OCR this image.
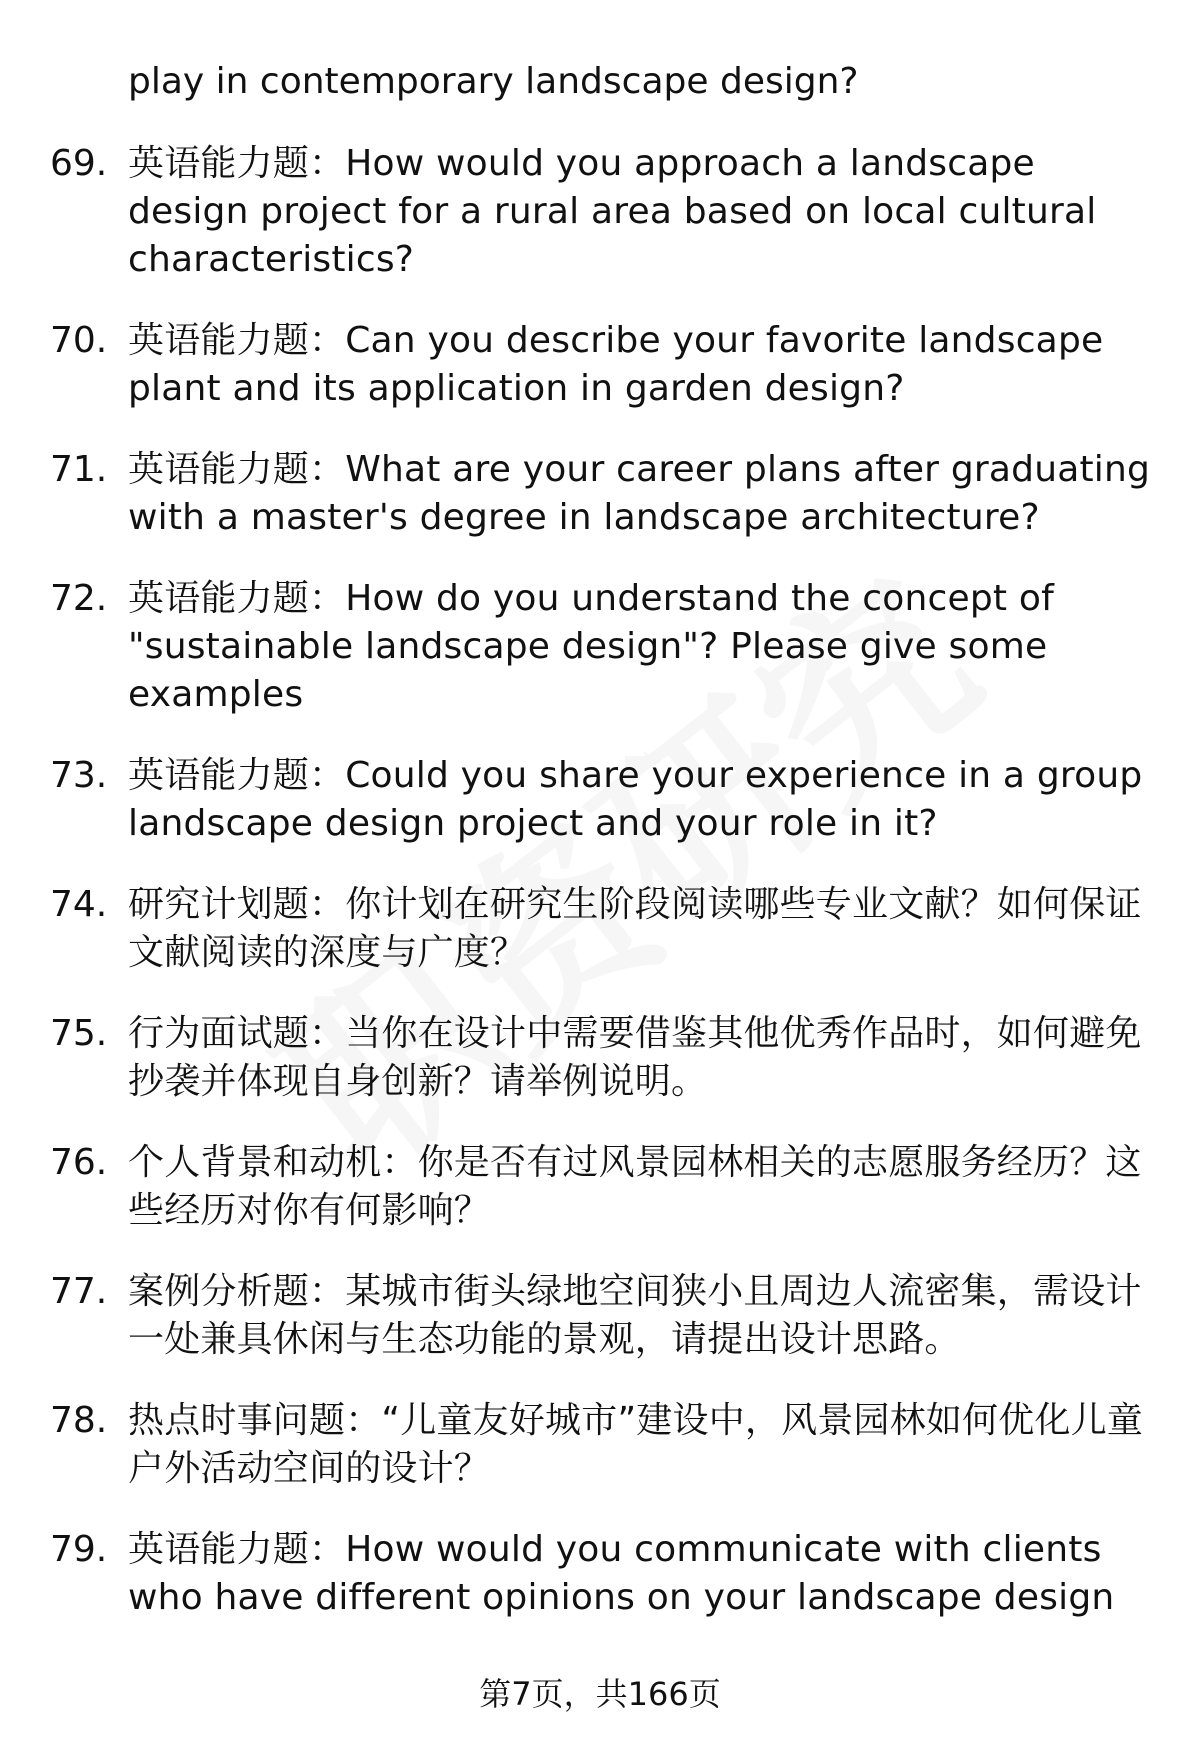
play in contemporary landscape design?
69. 英语能力题：How would you approach a landscape design project for a rural area based on local cultural characteristics?
70. 英语能力题：Can you describe your favorite landscape plant and its application in garden design?
71. 英语能力题：What are your career plans after graduating with a master's degree in landscape architecture?
72. 英语能力题：How do you understand the concept of "sustainable landscape design"? Please give some examples
73. 英语能力题：Could you share your experience in a group landscape design project and your role in it?
74. 研究计划题：你计划在研究生阶段阅读哪些专业文献？如何保证文献阅读的深度与广度？
75. 行为面试题：当你在设计中需要借鉴其他优秀作品时，如何避免抄袭并体现自身创新？请举例说明。
76. 个人背景和动机：你是否有过风景园林相关的志愿服务经历？这些经历对你有何影响？
77. 案例分析题：某城市街头绿地空间狭小且周边人流密集，需设计一处兼具休闲与生态功能的景观，请提出设计思路。
78. 热点时事问题：“儿童友好城市”建设中，风景园林如何优化儿童户外活动空间的设计？
79. 英语能力题：How would you communicate with clients who have different opinions on your landscape design
第7页，共166页
